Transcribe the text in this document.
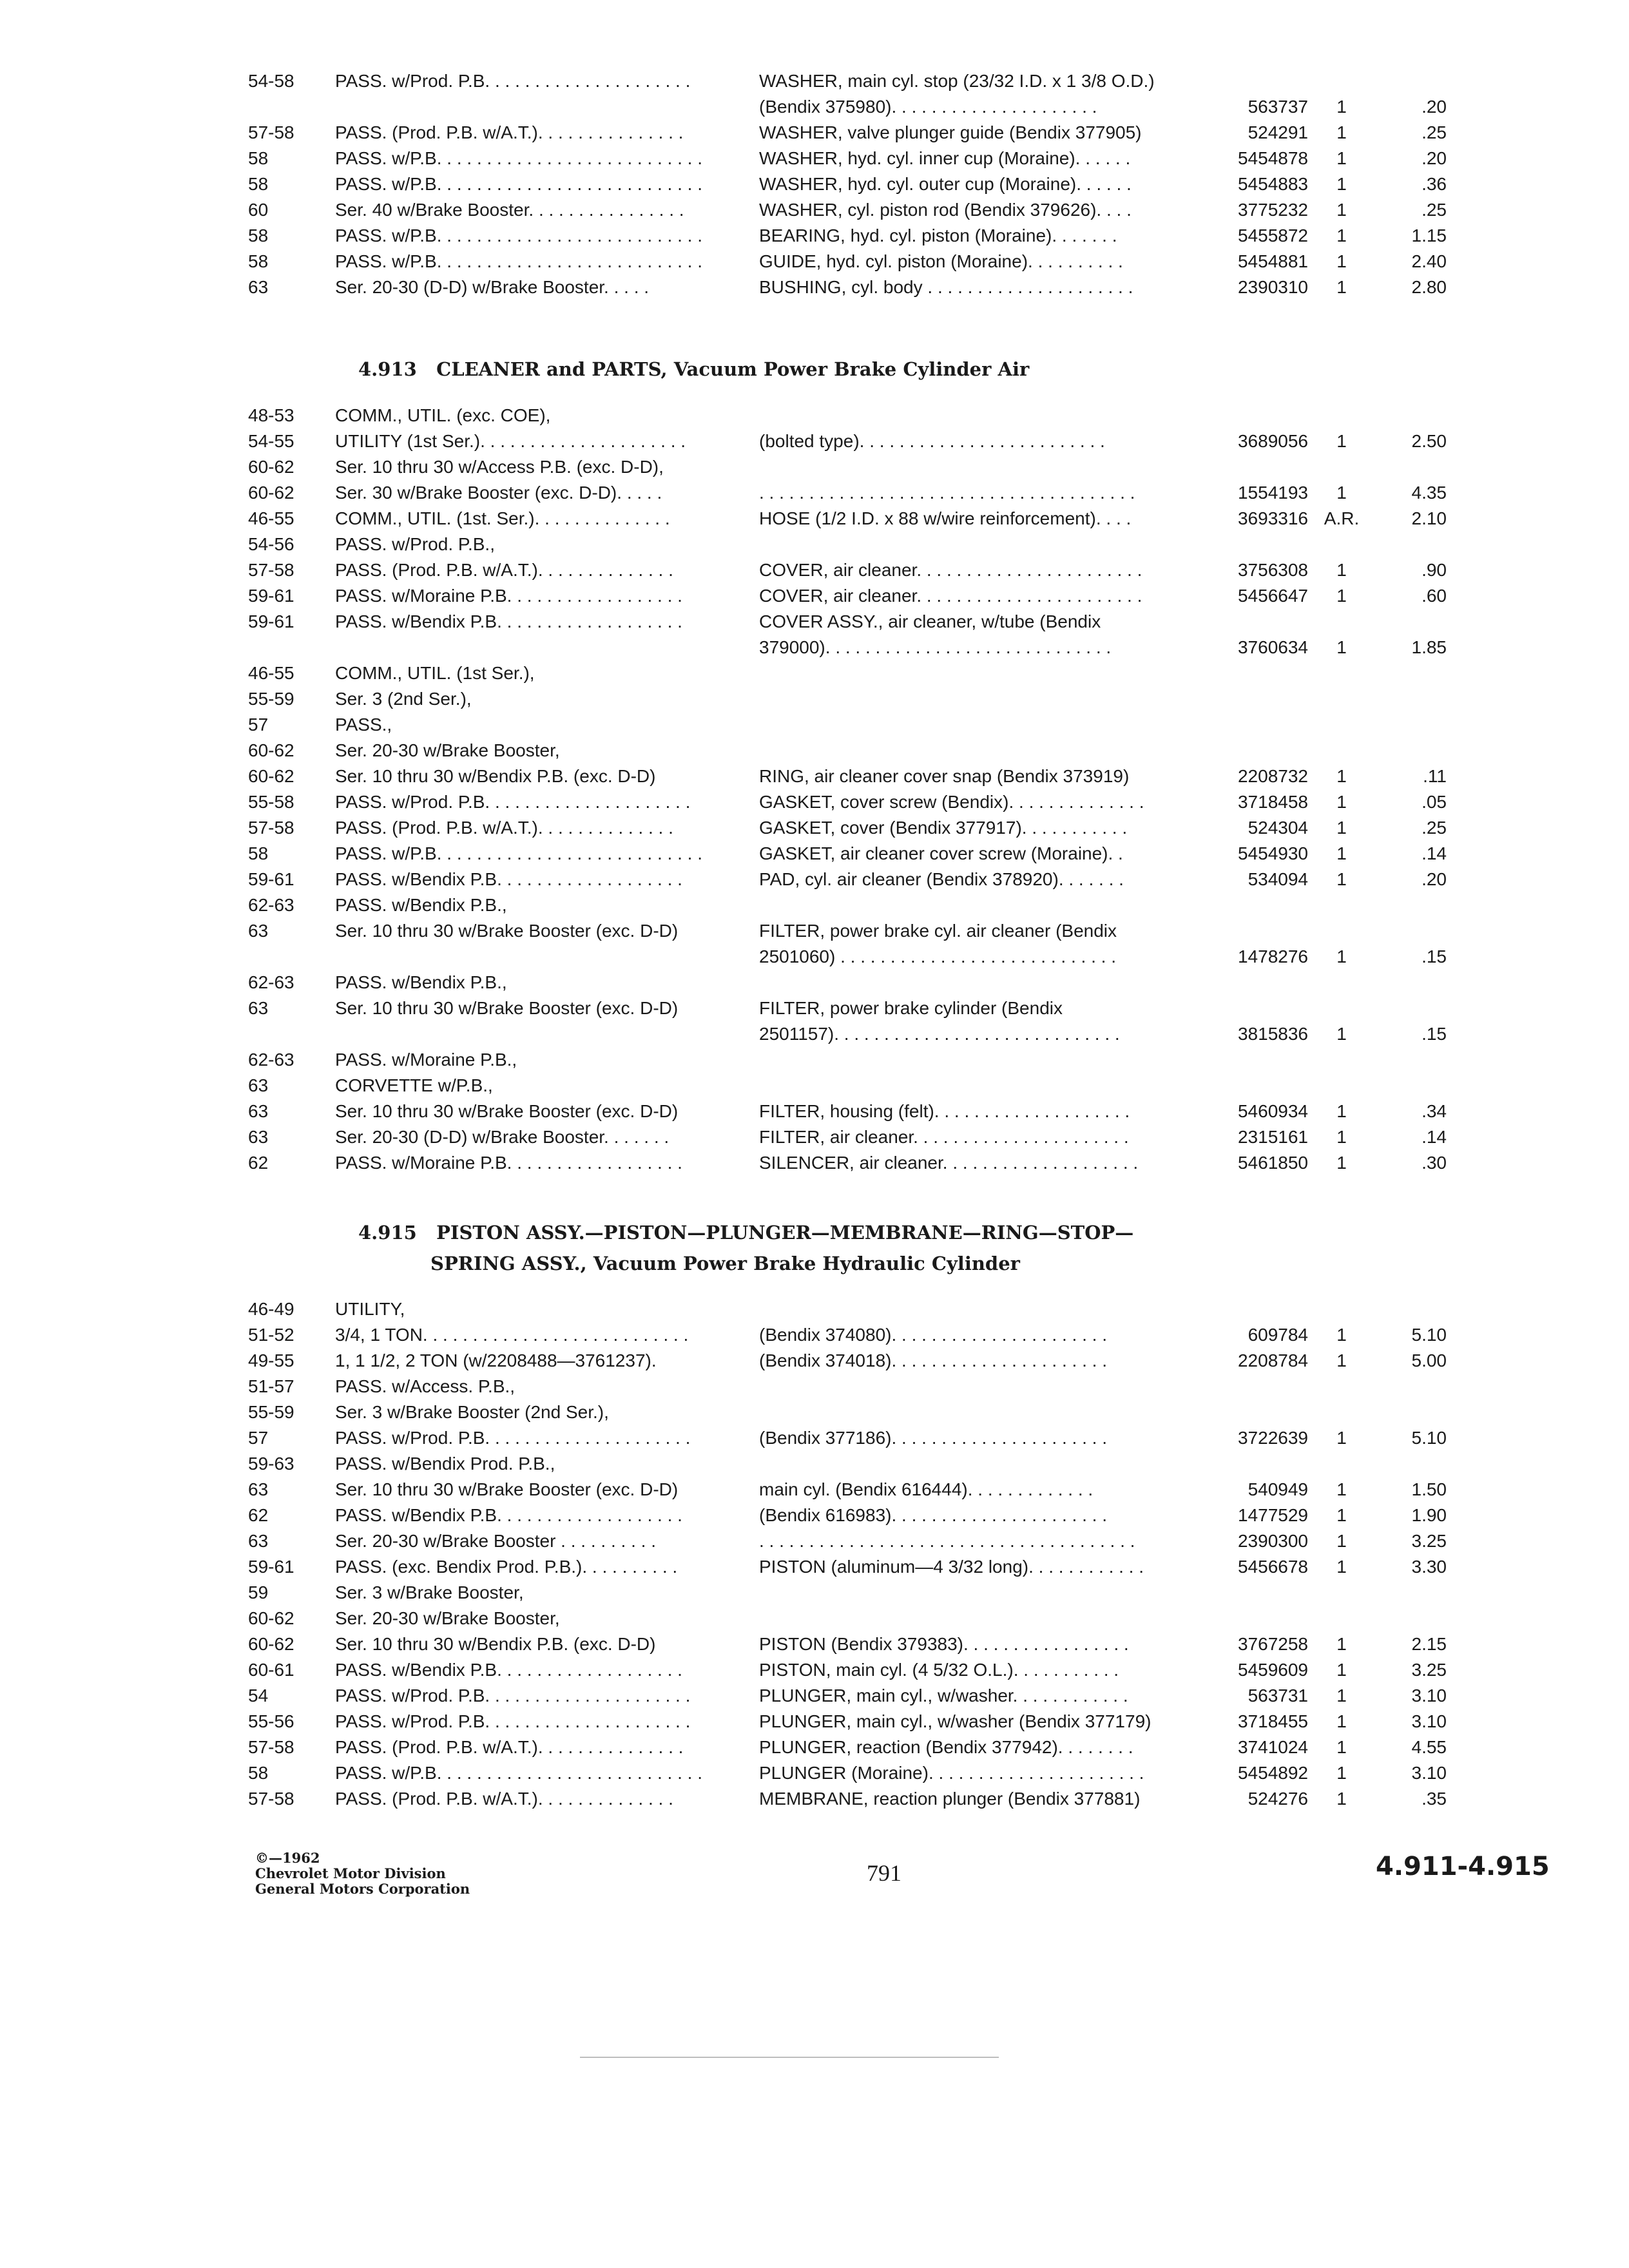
54-58 PASS. w/Prod. P.B. . . . . . . . . . . . . . . . . . . . .	WASHER, main cyl. stop (23/32 I.D. x 1 3/8 O.D.)
(Bendix 375980). . . . . . . . . . . . . . . . . . . . .	563737	1	.20
57-58 PASS. (Prod. P.B. w/A.T.). . . . . . . . . . . . . . .	WASHER, valve plunger guide (Bendix 377905)	524291	1	.25
58	PASS. w/P.B. . . . . . . . . . . . . . . . . . . . . . . . . . .	WASHER, hyd. cyl. inner cup (Moraine). . . . . .	5454878	1	.20
58	PASS. w/P.B. . . . . . . . . . . . . . . . . . . . . . . . . . .	WASHER, hyd. cyl. outer cup (Moraine). . . . . .	5454883	1	.36
60	Ser. 40 w/Brake Booster. . . . . . . . . . . . . . . .	WASHER, cyl. piston rod (Bendix 379626). . . .	3775232	1	.25
58	PASS. w/P.B. . . . . . . . . . . . . . . . . . . . . . . . . . .	BEARING, hyd. cyl. piston (Moraine). . . . . . .	5455872	1	1.15
58	PASS. w/P.B. . . . . . . . . . . . . . . . . . . . . . . . . . .	GUIDE, hyd. cyl. piston (Moraine). . . . . . . . . .	5454881	1	2.40
63	Ser. 20-30 (D-D) w/Brake Booster. . . . .	BUSHING, cyl. body . . . . . . . . . . . . . . . . . . . . .	2390310	1	2.80
4.913 CLEANER and PARTS, Vacuum Power Brake Cylinder Air
48-53 COMM., UTIL. (exc. COE),
54-55 UTILITY (1st Ser.). . . . . . . . . . . . . . . . . . . . .	(bolted type). . . . . . . . . . . . . . . . . . . . . . . . .	3689056	1	2.50
60-62 Ser. 10 thru 30 w/Access P.B. (exc. D-D),
60-62 Ser. 30 w/Brake Booster (exc. D-D). . . . .	. . . . . . . . . . . . . . . . . . . . . . . . . . . . . . . . . . . . . .	1554193	1	4.35
46-55 COMM., UTIL. (1st. Ser.). . . . . . . . . . . . . .	HOSE (1/2 I.D. x 88 w/wire reinforcement). . . .	3693316 A.R.	2.10
54-56 PASS. w/Prod. P.B.,
57-58 PASS. (Prod. P.B. w/A.T.). . . . . . . . . . . . . .	COVER, air cleaner. . . . . . . . . . . . . . . . . . . . . . .	3756308	1	.90
59-61 PASS. w/Moraine P.B. . . . . . . . . . . . . . . . . .	COVER, air cleaner. . . . . . . . . . . . . . . . . . . . . . .	5456647	1	.60
59-61 PASS. w/Bendix P.B. . . . . . . . . . . . . . . . . . .	COVER ASSY., air cleaner, w/tube (Bendix
379000). . . . . . . . . . . . . . . . . . . . . . . . . . . . .	3760634	1	1.85
46-55 COMM., UTIL. (1st Ser.),
55-59 Ser. 3 (2nd Ser.),
57	PASS.,
60-62 Ser. 20-30 w/Brake Booster,
60-62 Ser. 10 thru 30 w/Bendix P.B. (exc. D-D)	RING, air cleaner cover snap (Bendix 373919)	2208732	1	.11
55-58 PASS. w/Prod. P.B. . . . . . . . . . . . . . . . . . . . .	GASKET, cover screw (Bendix). . . . . . . . . . . . . .	3718458	1	.05
57-58 PASS. (Prod. P.B. w/A.T.). . . . . . . . . . . . . .	GASKET, cover (Bendix 377917). . . . . . . . . . .	524304	1	.25
58	PASS. w/P.B. . . . . . . . . . . . . . . . . . . . . . . . . . .	GASKET, air cleaner cover screw (Moraine). .	5454930	1	.14
59-61 PASS. w/Bendix P.B. . . . . . . . . . . . . . . . . . .	PAD, cyl. air cleaner (Bendix 378920). . . . . . .	534094	1	.20
62-63 PASS. w/Bendix P.B.,
63	Ser. 10 thru 30 w/Brake Booster (exc. D-D)	FILTER, power brake cyl. air cleaner (Bendix
2501060) . . . . . . . . . . . . . . . . . . . . . . . . . . . .	1478276	1	.15
62-63 PASS. w/Bendix P.B.,
63	Ser. 10 thru 30 w/Brake Booster (exc. D-D)	FILTER, power brake cylinder (Bendix
2501157). . . . . . . . . . . . . . . . . . . . . . . . . . . . .	3815836	1	.15
62-63 PASS. w/Moraine P.B.,
63	CORVETTE w/P.B.,
63	Ser. 10 thru 30 w/Brake Booster (exc. D-D)	FILTER, housing (felt). . . . . . . . . . . . . . . . . . . .	5460934	1	.34
63	Ser. 20-30 (D-D) w/Brake Booster. . . . . . .	FILTER, air cleaner. . . . . . . . . . . . . . . . . . . . . .	2315161	1	.14
62	PASS. w/Moraine P.B. . . . . . . . . . . . . . . . . .	SILENCER, air cleaner. . . . . . . . . . . . . . . . . . . .	5461850	1	.30
4.915 PISTON ASSY.—PISTON—PLUNGER—MEMBRANE—RING—STOP—
SPRING ASSY., Vacuum Power Brake Hydraulic Cylinder
46-49 UTILITY,
51-52 3/4, 1 TON. . . . . . . . . . . . . . . . . . . . . . . . . . .	(Bendix 374080). . . . . . . . . . . . . . . . . . . . . .	609784	1	5.10
49-55 1, 1 1/2, 2 TON (w/2208488—3761237).	(Bendix 374018). . . . . . . . . . . . . . . . . . . . . .	2208784	1	5.00
51-57 PASS. w/Access. P.B.,
55-59 Ser. 3 w/Brake Booster (2nd Ser.),
57	PASS. w/Prod. P.B. . . . . . . . . . . . . . . . . . . . .	(Bendix 377186). . . . . . . . . . . . . . . . . . . . . .	3722639	1	5.10
59-63 PASS. w/Bendix Prod. P.B.,
63	Ser. 10 thru 30 w/Brake Booster (exc. D-D)	main cyl. (Bendix 616444). . . . . . . . . . . . .	540949	1	1.50
62	PASS. w/Bendix P.B. . . . . . . . . . . . . . . . . . .	(Bendix 616983). . . . . . . . . . . . . . . . . . . . . .	1477529	1	1.90
63	Ser. 20-30 w/Brake Booster . . . . . . . . . .	. . . . . . . . . . . . . . . . . . . . . . . . . . . . . . . . . . . . . .	2390300	1	3.25
59-61 PASS. (exc. Bendix Prod. P.B.). . . . . . . . . .	PISTON (aluminum—4 3/32 long). . . . . . . . . . . .	5456678	1	3.30
59	Ser. 3 w/Brake Booster,
60-62 Ser. 20-30 w/Brake Booster,
60-62 Ser. 10 thru 30 w/Bendix P.B. (exc. D-D)	PISTON (Bendix 379383). . . . . . . . . . . . . . . . .	3767258	1	2.15
60-61 PASS. w/Bendix P.B. . . . . . . . . . . . . . . . . . .	PISTON, main cyl. (4 5/32 O.L.). . . . . . . . . . .	5459609	1	3.25
54	PASS. w/Prod. P.B. . . . . . . . . . . . . . . . . . . . .	PLUNGER, main cyl., w/washer. . . . . . . . . . . .	563731	1	3.10
55-56 PASS. w/Prod. P.B. . . . . . . . . . . . . . . . . . . . .	PLUNGER, main cyl., w/washer (Bendix 377179)	3718455	1	3.10
57-58 PASS. (Prod. P.B. w/A.T.). . . . . . . . . . . . . . .	PLUNGER, reaction (Bendix 377942). . . . . . . .	3741024	1	4.55
58	PASS. w/P.B. . . . . . . . . . . . . . . . . . . . . . . . . . .	PLUNGER (Moraine). . . . . . . . . . . . . . . . . . . . . .	5454892	1	3.10
57-58 PASS. (Prod. P.B. w/A.T.). . . . . . . . . . . . . .	MEMBRANE, reaction plunger (Bendix 377881)	524276	1	.35
©—1962
Chevrolet Motor Division
General Motors Corporation
791	4.911-4.915
